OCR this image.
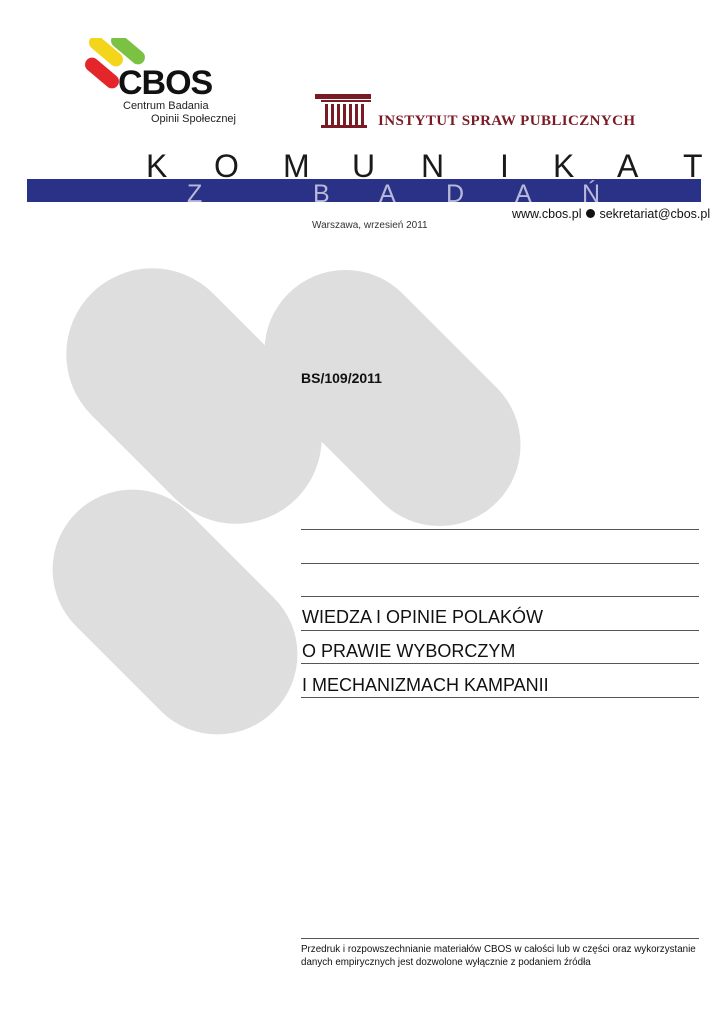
CBOS
Centrum Badania
Opinii Społecznej	INSTYTUT SPRAW PUBLICZNYCH
K O M U N I K A T
Z	B A D A Ń
www.cbos.pl sekretariat@cbos.pl
Warszawa, wrzesień 2011
BS/109/2011
WIEDZA I OPINIE POLAKÓW
O PRAWIE WYBORCZYM
I MECHANIZMACH KAMPANII
Przedruk i rozpowszechnianie materiałów CBOS w całości lub w części oraz wykorzystanie
danych empirycznych jest dozwolone wyłącznie z podaniem źródła
